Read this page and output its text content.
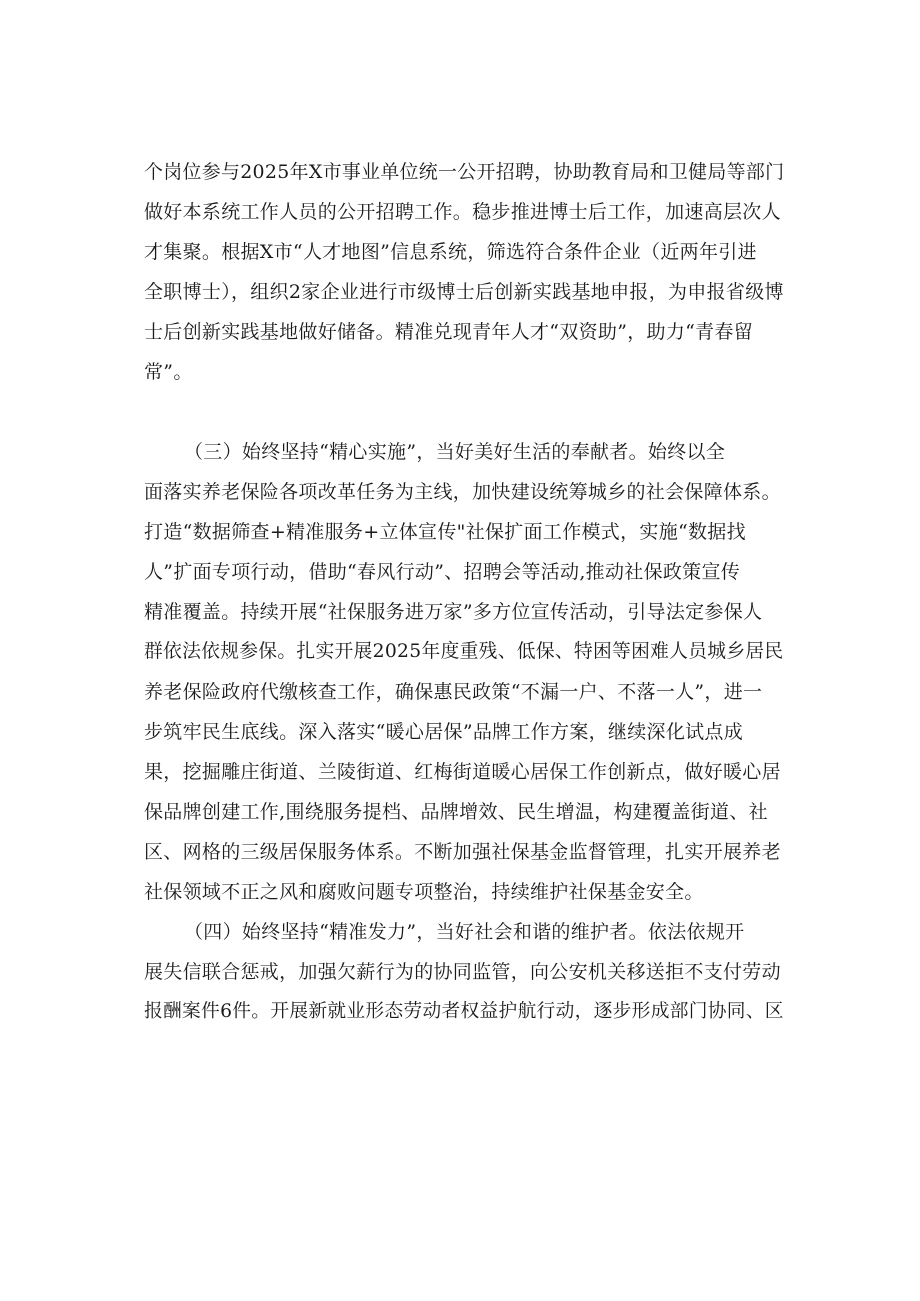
个岗位参与2025年X市事业单位统一公开招聘，协助教育局和卫健局等部门
做好本系统工作人员的公开招聘工作。稳步推进博士后工作，加速高层次人
才集聚。根据X市“人才地图”信息系统，筛选符合条件企业（近两年引进
全职博士），组织2家企业进行市级博士后创新实践基地申报，为申报省级博
士后创新实践基地做好储备。精准兑现青年人才“双资助”，助力“青春留
常”。
（三）始终坚持“精心实施”，当好美好生活的奉献者。始终以全
面落实养老保险各项改革任务为主线，加快建设统筹城乡的社会保障体系。
打造“数据筛查+精准服务+立体宣传"社保扩面工作模式，实施“数据找
人”扩面专项行动，借助“春风行动”、招聘会等活动,推动社保政策宣传
精准覆盖。持续开展“社保服务进万家”多方位宣传活动，引导法定参保人
群依法依规参保。扎实开展2025年度重残、低保、特困等困难人员城乡居民
养老保险政府代缴核查工作，确保惠民政策“不漏一户、不落一人”，进一
步筑牢民生底线。深入落实“暖心居保”品牌工作方案，继续深化试点成
果，挖掘雕庄街道、兰陵街道、红梅街道暖心居保工作创新点，做好暖心居
保品牌创建工作,围绕服务提档、品牌增效、民生增温，构建覆盖街道、社
区、网格的三级居保服务体系。不断加强社保基金监督管理，扎实开展养老
社保领域不正之风和腐败问题专项整治，持续维护社保基金安全。
（四）始终坚持“精准发力”，当好社会和谐的维护者。依法依规开
展失信联合惩戒，加强欠薪行为的协同监管，向公安机关移送拒不支付劳动
报酬案件6件。开展新就业形态劳动者权益护航行动，逐步形成部门协同、区
